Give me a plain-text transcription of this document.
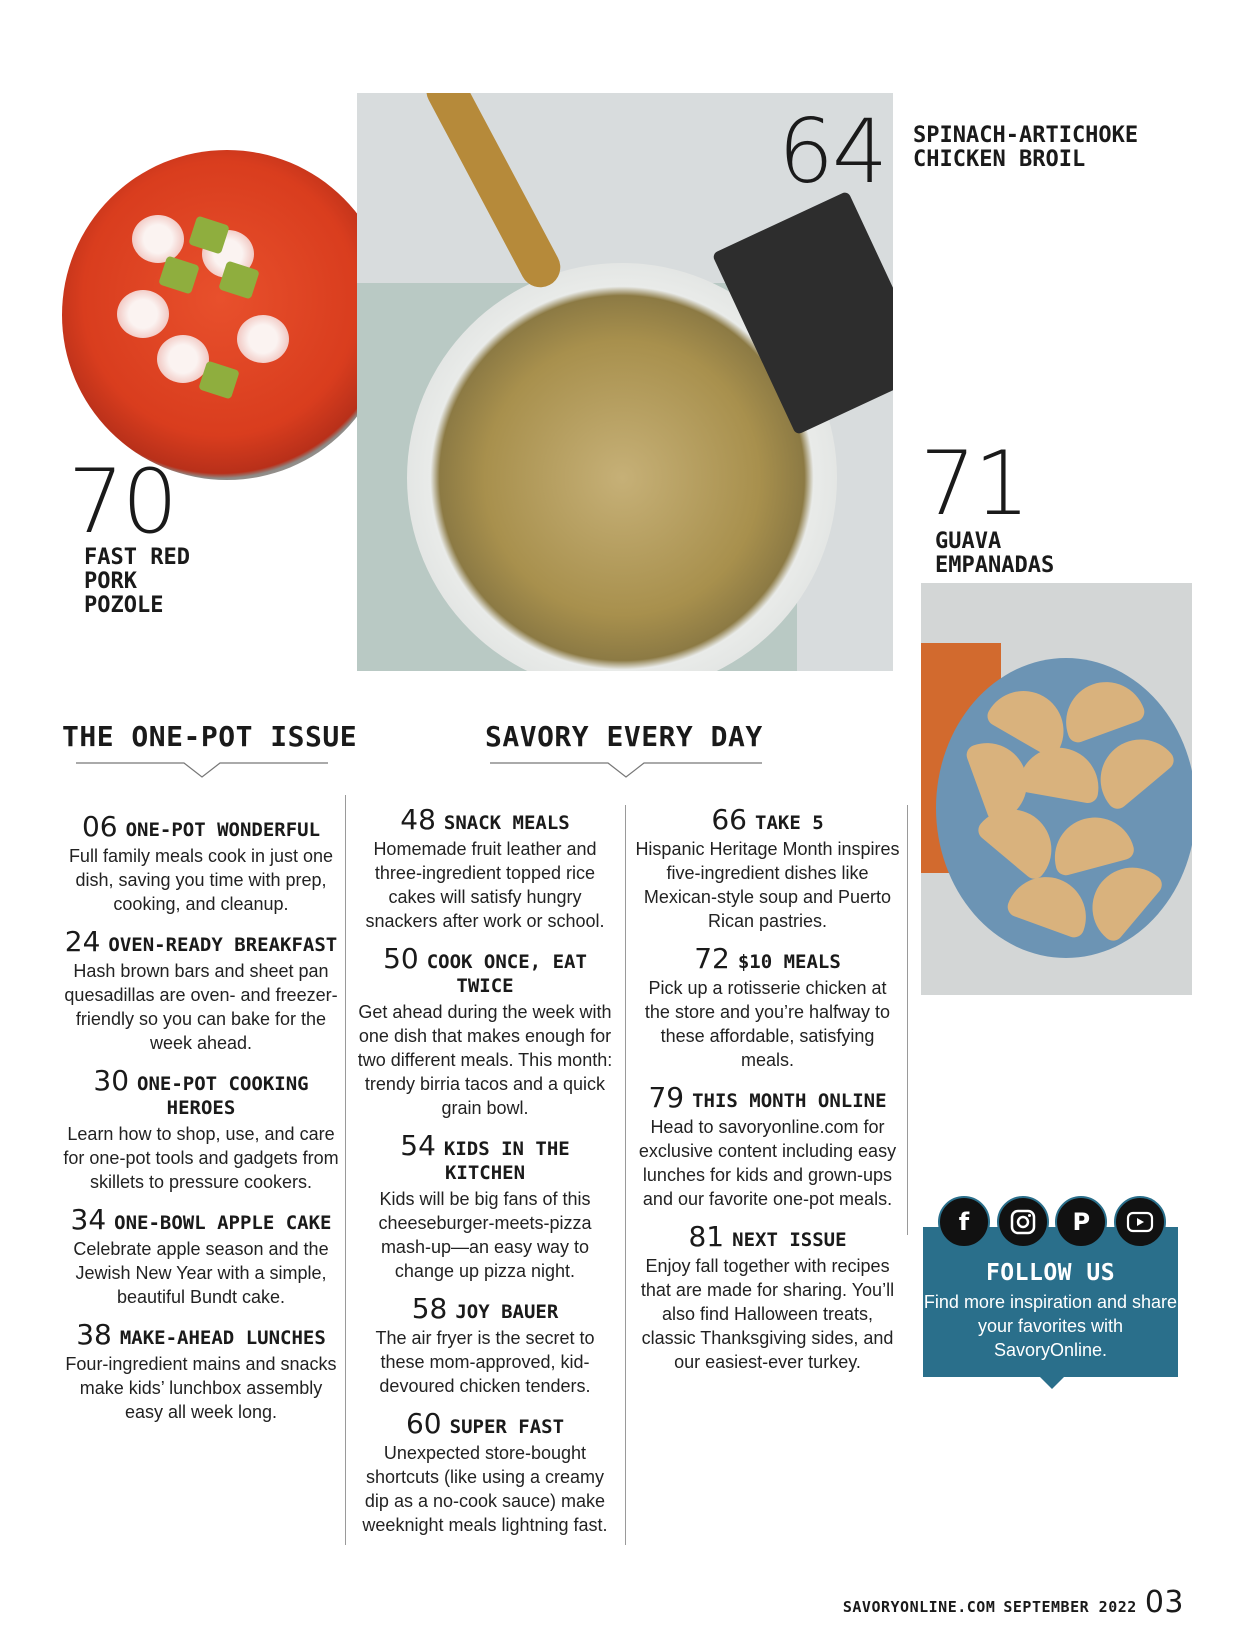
70
FAST RED
PORK
POZOLE
64 SPINACH-ARTICHOKE
CHICKEN BROIL
71
GUAVA
EMPANADAS
THE ONE-POT ISSUE	SAVORY EVERY DAY
06 ONE-POT WONDERFUL
Full family meals cook in just one dish, saving you time with prep, cooking, and cleanup.
24 OVEN-READY BREAKFAST
Hash brown bars and sheet pan quesadillas are oven- and freezer-friendly so you can bake for the week ahead.
30 ONE-POT COOKING HEROES
Learn how to shop, use, and care for one-pot tools and gadgets from skillets to pressure cookers.
34 ONE-BOWL APPLE CAKE
Celebrate apple season and the Jewish New Year with a simple, beautiful Bundt cake.
38 MAKE-AHEAD LUNCHES
Four-ingredient mains and snacks make kids’ lunchbox assembly easy all week long.
48 SNACK MEALS
Homemade fruit leather and three-ingredient topped rice cakes will satisfy hungry snackers after work or school.
50 COOK ONCE, EAT TWICE
Get ahead during the week with one dish that makes enough for two different meals. This month: trendy birria tacos and a quick grain bowl.
54 KIDS IN THE KITCHEN
Kids will be big fans of this cheeseburger-meets-pizza mash-up—an easy way to change up pizza night.
58 JOY BAUER
The air fryer is the secret to these mom-approved, kid-devoured chicken tenders.
60 SUPER FAST
Unexpected store-bought shortcuts (like using a creamy dip as a no-cook sauce) make weeknight meals lightning fast.
66 TAKE 5
Hispanic Heritage Month inspires five-ingredient dishes like Mexican-style soup and Puerto Rican pastries.
72 $10 MEALS
Pick up a rotisserie chicken at the store and you’re halfway to these affordable, satisfying meals.
79 THIS MONTH ONLINE
Head to savoryonline.com for exclusive content including easy lunches for kids and grown-ups and our favorite one-pot meals.
81 NEXT ISSUE
Enjoy fall together with recipes that are made for sharing. You’ll also find Halloween treats, classic Thanksgiving sides, and our easiest-ever turkey.
FOLLOW US
Find more inspiration and share your favorites with SavoryOnline.
f	P
SAVORYONLINE.COM SEPTEMBER 2022 03
